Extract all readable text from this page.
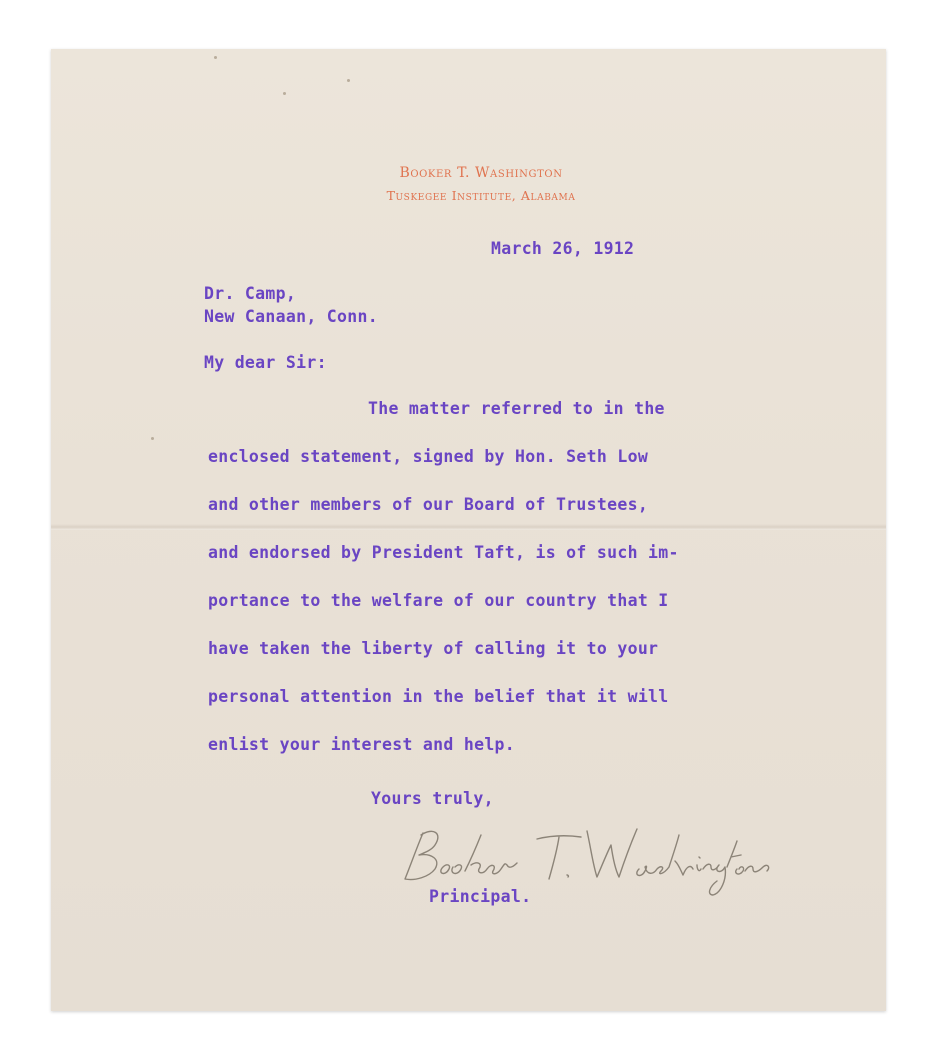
Booker T. Washington
Tuskegee Institute, Alabama
March 26, 1912
Dr. Camp,
New Canaan, Conn.
My dear Sir:
The matter referred to in the
enclosed statement, signed by Hon. Seth Low
and other members of our Board of Trustees,
and endorsed by President Taft, is of such im-
portance to the welfare of our country that I
have taken the liberty of calling it to your
personal attention in the belief that it will
enlist your interest and help.
Yours truly,
Principal.
